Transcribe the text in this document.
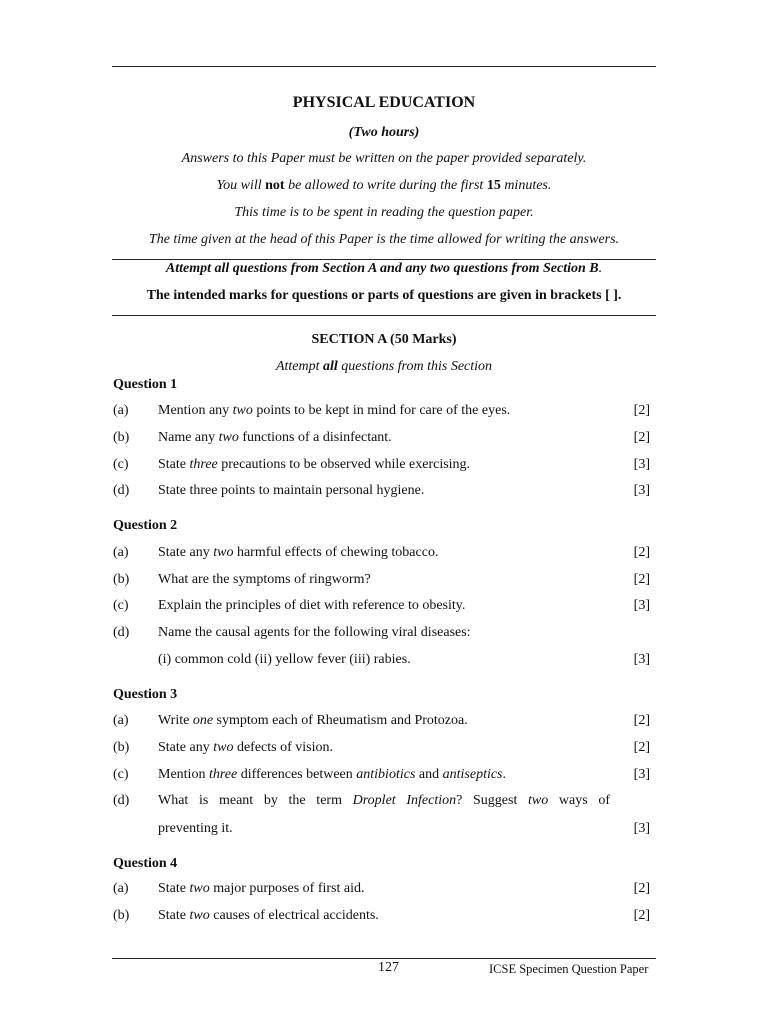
PHYSICAL EDUCATION
(Two hours)
Answers to this Paper must be written on the paper provided separately.
You will not be allowed to write during the first 15 minutes.
This time is to be spent in reading the question paper.
The time given at the head of this Paper is the time allowed for writing the answers.
Attempt all questions from Section A and any two questions from Section B.
The intended marks for questions or parts of questions are given in brackets [ ].
SECTION A (50 Marks)
Attempt all questions from this Section
Question 1
(a) Mention any two points to be kept in mind for care of the eyes.	[2]
(b) Name any two functions of a disinfectant.	[2]
(c) State three precautions to be observed while exercising.	[3]
(d) State three points to maintain personal hygiene.	[3]
Question 2
(a) State any two harmful effects of chewing tobacco.	[2]
(b) What are the symptoms of ringworm?	[2]
(c) Explain the principles of diet with reference to obesity.	[3]
(d) Name the causal agents for the following viral diseases:
(i) common cold (ii) yellow fever (iii) rabies.	[3]
Question 3
(a) Write one symptom each of Rheumatism and Protozoa.	[2]
(b) State any two defects of vision.	[2]
(c) Mention three differences between antibiotics and antiseptics.	[3]
(d) What is meant by the term Droplet Infection? Suggest two ways of
preventing it.	[3]
Question 4
(a) State two major purposes of first aid.	[2]
(b) State two causes of electrical accidents.	[2]
127	ICSE Specimen Question Paper
